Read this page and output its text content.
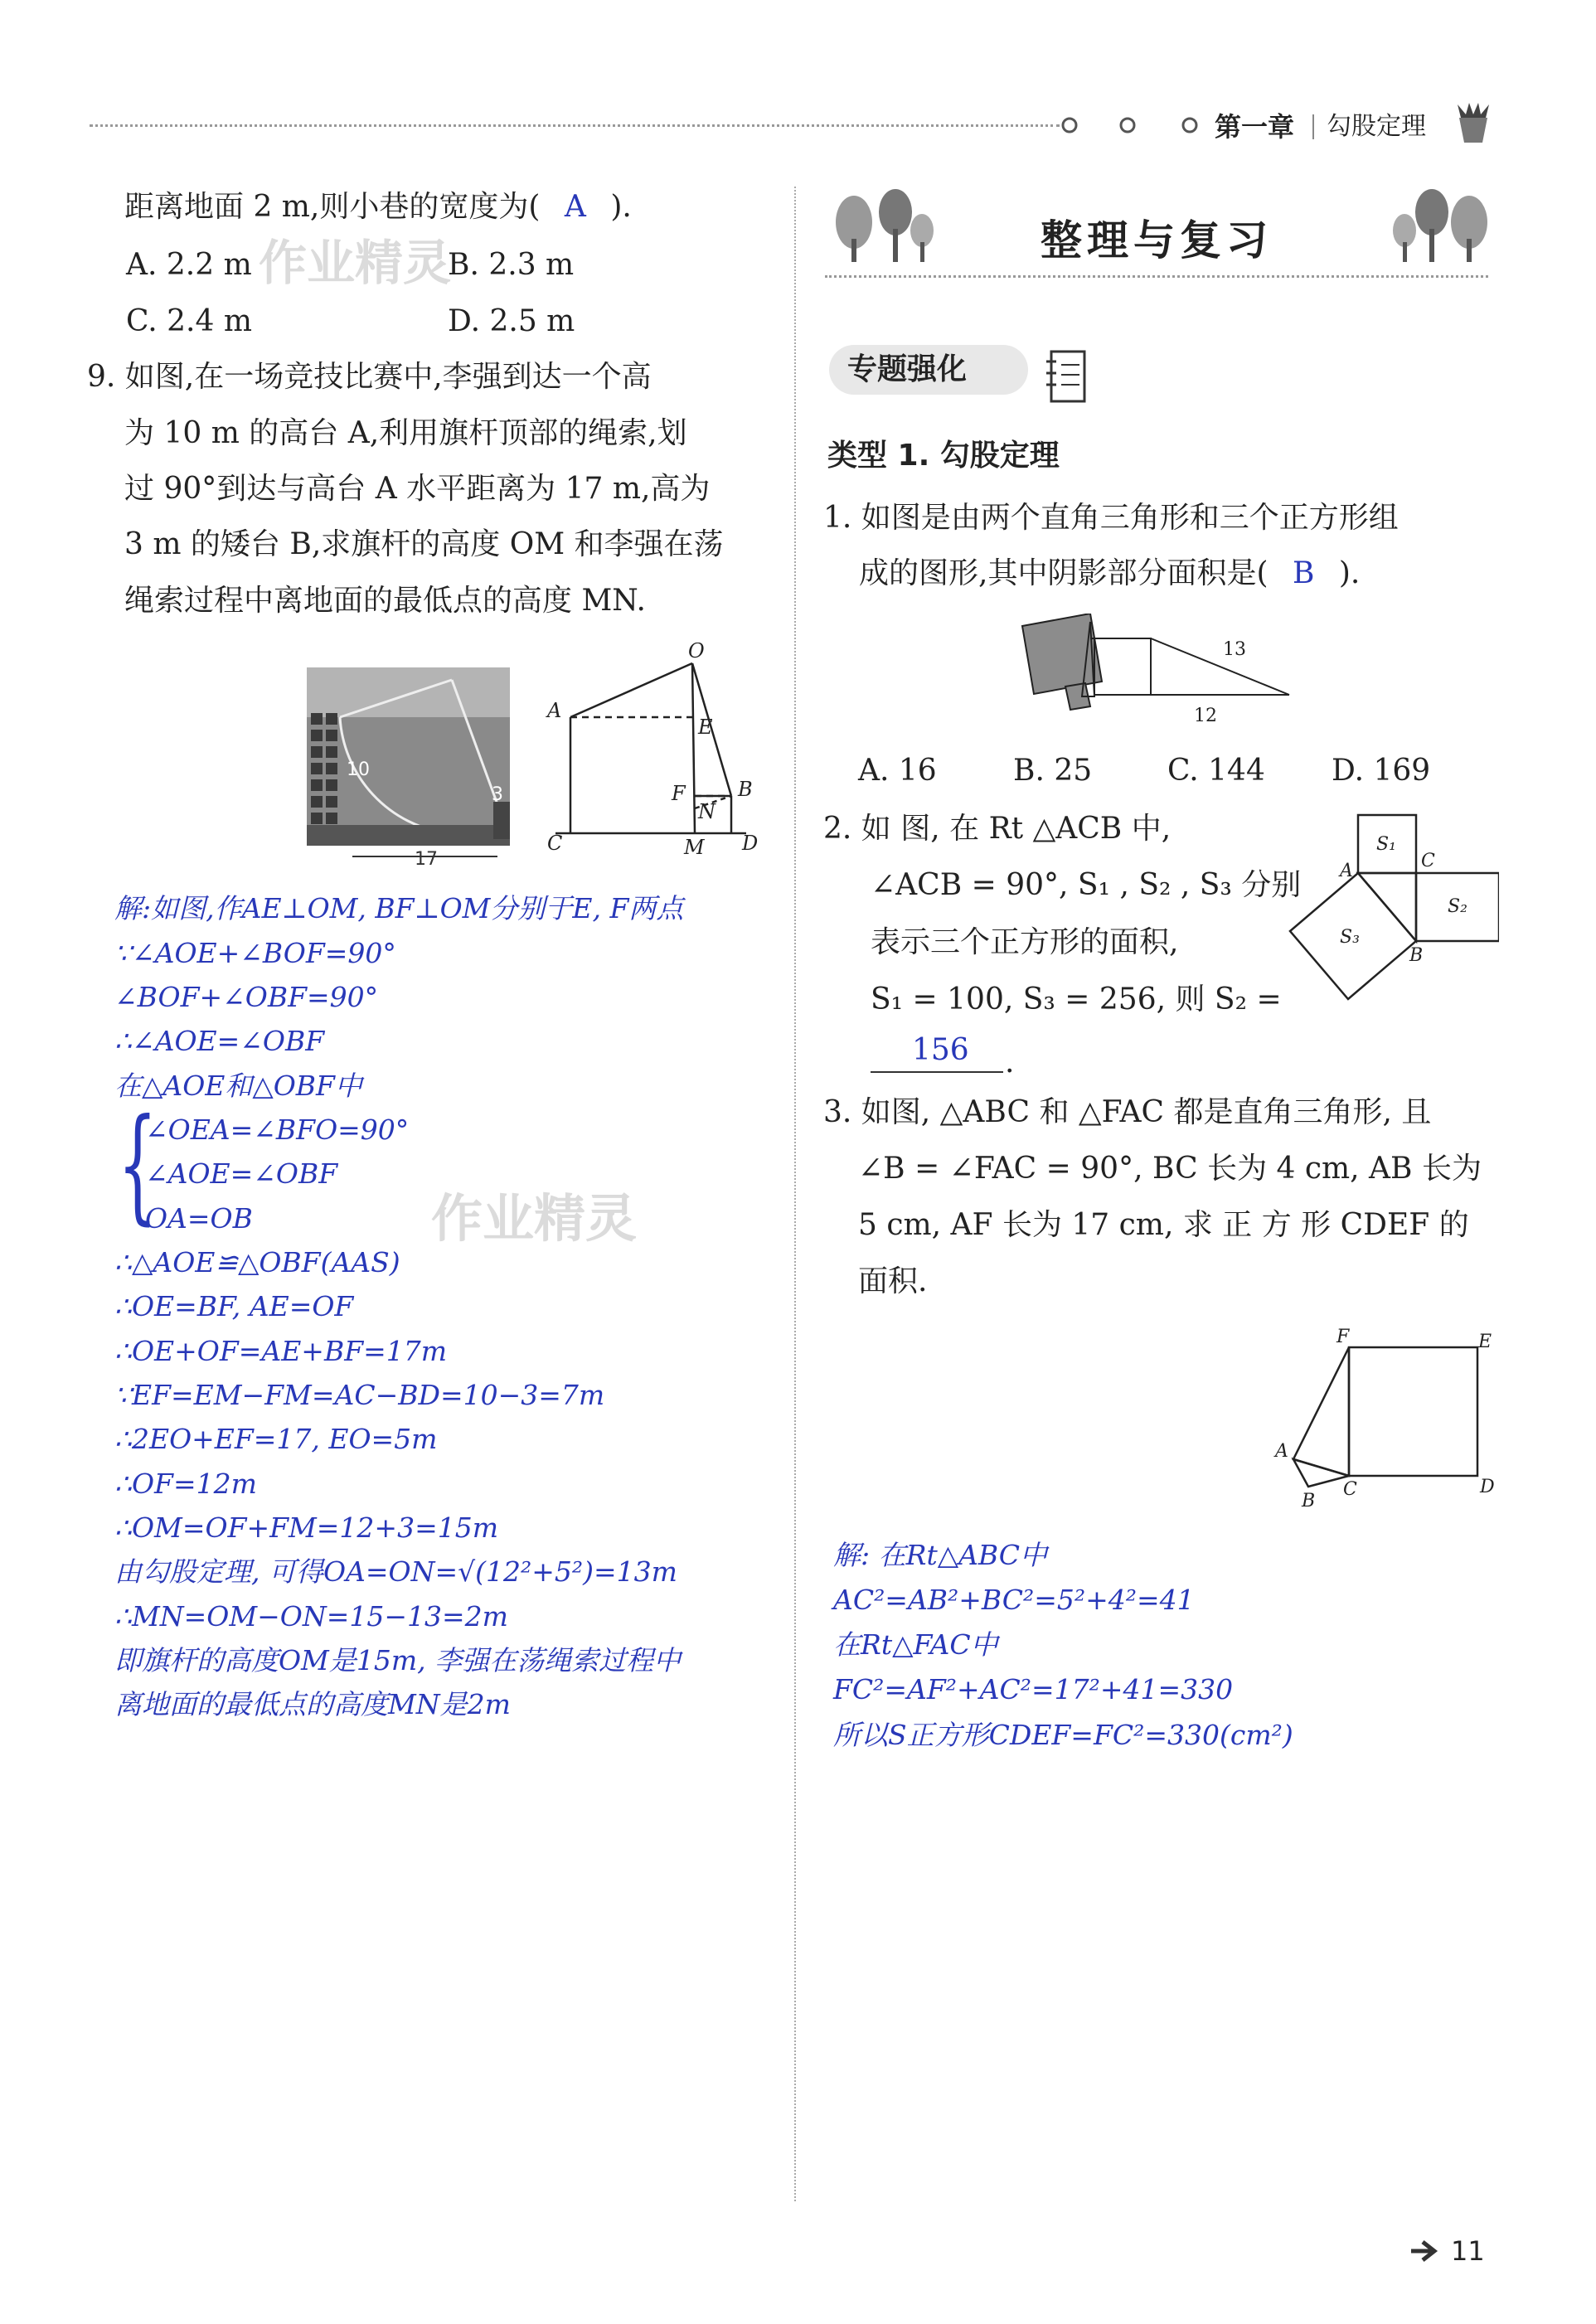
第一章 勾股定理
距离地面 2 m,则小巷的宽度为( A ).
A. 2.2 m	B. 2.3 m
C. 2.4 m	D. 2.5 m
作业精灵
9. 如图,在一场竞技比赛中,李强到达一个高
为 10 m 的高台 A,利用旗杆顶部的绳索,划
过 90°到达与高台 A 水平距离为 17 m,高为
3 m 的矮台 B,求旗杆的高度 OM 和李强在荡
绳索过程中离地面的最低点的高度 MN.
10
3
17
O
A
E
F	B
N
C	M D
解:如图,作AE⊥OM, BF⊥OM分别于E, F两点
∵∠AOE+∠BOF=90°
∠BOF+∠OBF=90°
∴∠AOE=∠OBF
在△AOE和△OBF中
{
∠OEA=∠BFO=90°
∠AOE=∠OBF
OA=OB	作业精灵
∴△AOE≌△OBF(AAS)
∴OE=BF, AE=OF
∴OE+OF=AE+BF=17m
∵EF=EM−FM=AC−BD=10−3=7m
∴2EO+EF=17, EO=5m
∴OF=12m
∴OM=OF+FM=12+3=15m
由勾股定理, 可得OA=ON=√(12²+5²)=13m
∴MN=OM−ON=15−13=2m
即旗杆的高度OM是15m, 李强在荡绳索过程中
离地面的最低点的高度MN是2m
整理与复习
专题强化
类型 1. 勾股定理
1. 如图是由两个直角三角形和三个正方形组
成的图形,其中阴影部分面积是( B ).
13
12
A. 16	B. 25	C. 144 D. 169
2. 如 图, 在 Rt △ACB 中,
∠ACB = 90°, S₁ , S₂ , S₃ 分别
表示三个正方形的面积,
S₁ = 100, S₃ = 256, 则 S₂ =
156 .
S₁
S₂
S₃
A	C
B
3. 如图, △ABC 和 △FAC 都是直角三角形, 且
∠B = ∠FAC = 90°, BC 长为 4 cm, AB 长为
5 cm, AF 长为 17 cm, 求 正 方 形 CDEF 的
面积.
F	E
A
B
C	D
解: 在Rt△ABC中
AC²=AB²+BC²=5²+4²=41
在Rt△FAC中
FC²=AF²+AC²=17²+41=330
所以S正方形CDEF=FC²=330(cm²)
11
